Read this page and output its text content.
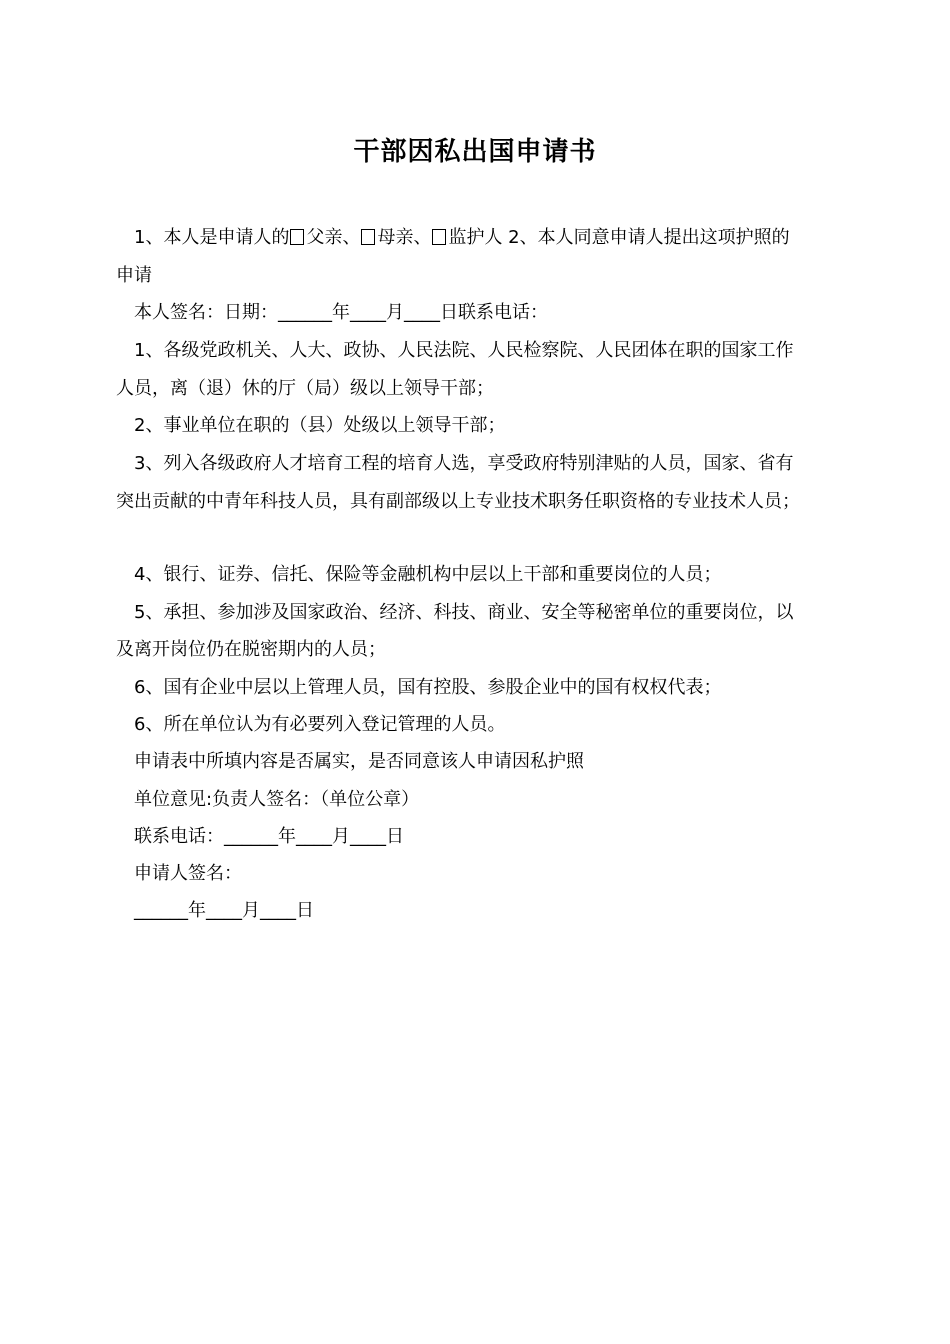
干部因私出国申请书
1、本人是申请人的 父亲、 母亲、 监护人 2、本人同意申请人提出这项护照的
申请
本人签名：日期：______年____月____日联系电话：
1、各级党政机关、人大、政协、人民法院、人民检察院、人民团体在职的国家工作
人员，离（退）休的厅（局）级以上领导干部；
2、事业单位在职的（县）处级以上领导干部；
3、列入各级政府人才培育工程的培育人选，享受政府特别津贴的人员，国家、省有
突出贡献的中青年科技人员，具有副部级以上专业技术职务任职资格的专业技术人员；
4、银行、证券、信托、保险等金融机构中层以上干部和重要岗位的人员；
5、承担、参加涉及国家政治、经济、科技、商业、安全等秘密单位的重要岗位，以
及离开岗位仍在脱密期内的人员；
6、国有企业中层以上管理人员，国有控股、参股企业中的国有权权代表；
6、所在单位认为有必要列入登记管理的人员。
申请表中所填内容是否属实，是否同意该人申请因私护照
单位意见:负责人签名：（单位公章）
联系电话：______年____月____日
申请人签名：
______年____月____日
